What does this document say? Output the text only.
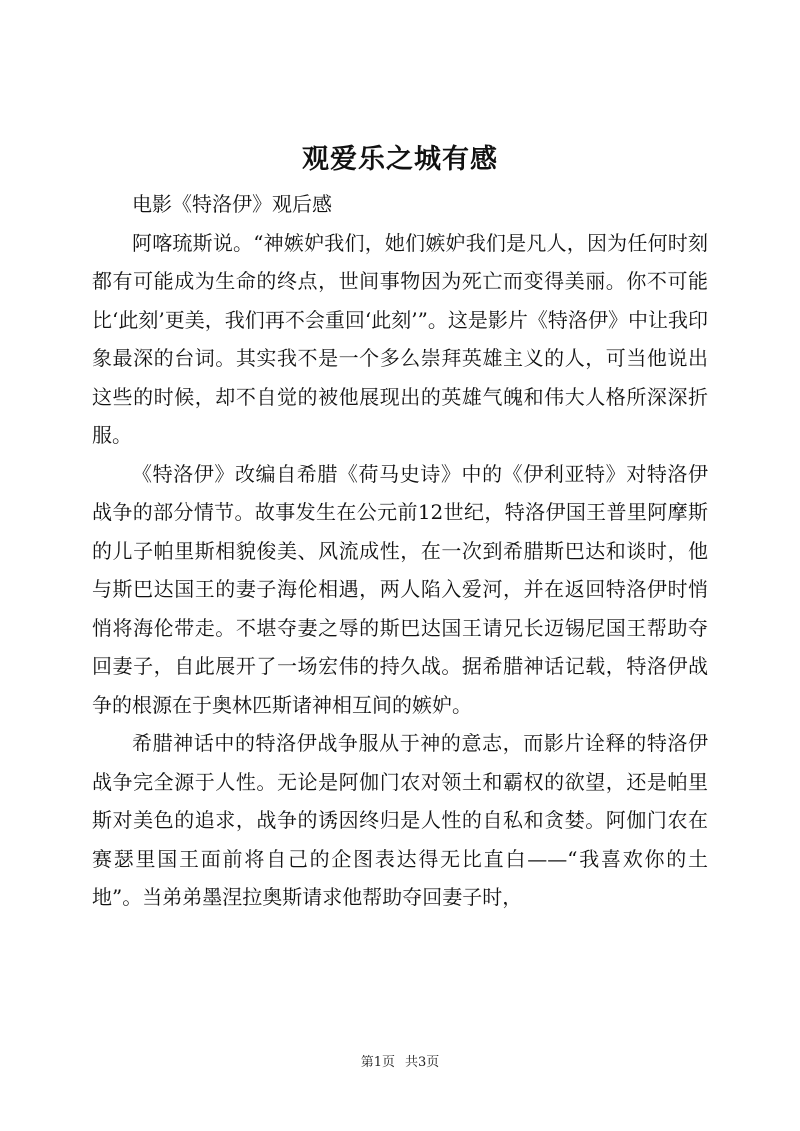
观爱乐之城有感

电影《特洛伊》观后感

阿喀琉斯说。“神嫉妒我们，她们嫉妒我们是凡人，因为任何时刻都有可能成为生命的终点，世间事物因为死亡而变得美丽。你不可能比‘此刻’更美，我们再不会重回‘此刻’”。这是影片《特洛伊》中让我印象最深的台词。其实我不是一个多么崇拜英雄主义的人，可当他说出这些的时候，却不自觉的被他展现出的英雄气魄和伟大人格所深深折服。

《特洛伊》改编自希腊《荷马史诗》中的《伊利亚特》对特洛伊战争的部分情节。故事发生在公元前12世纪，特洛伊国王普里阿摩斯的儿子帕里斯相貌俊美、风流成性，在一次到希腊斯巴达和谈时，他与斯巴达国王的妻子海伦相遇，两人陷入爱河，并在返回特洛伊时悄悄将海伦带走。不堪夺妻之辱的斯巴达国王请兄长迈锡尼国王帮助夺回妻子，自此展开了一场宏伟的持久战。据希腊神话记载，特洛伊战争的根源在于奥林匹斯诸神相互间的嫉妒。

希腊神话中的特洛伊战争服从于神的意志，而影片诠释的特洛伊战争完全源于人性。无论是阿伽门农对领土和霸权的欲望，还是帕里斯对美色的追求，战争的诱因终归是人性的自私和贪婪。阿伽门农在赛瑟里国王面前将自己的企图表达得无比直白——“我喜欢你的土地”。当弟弟墨涅拉奥斯请求他帮助夺回妻子时，

第1页 共3页
